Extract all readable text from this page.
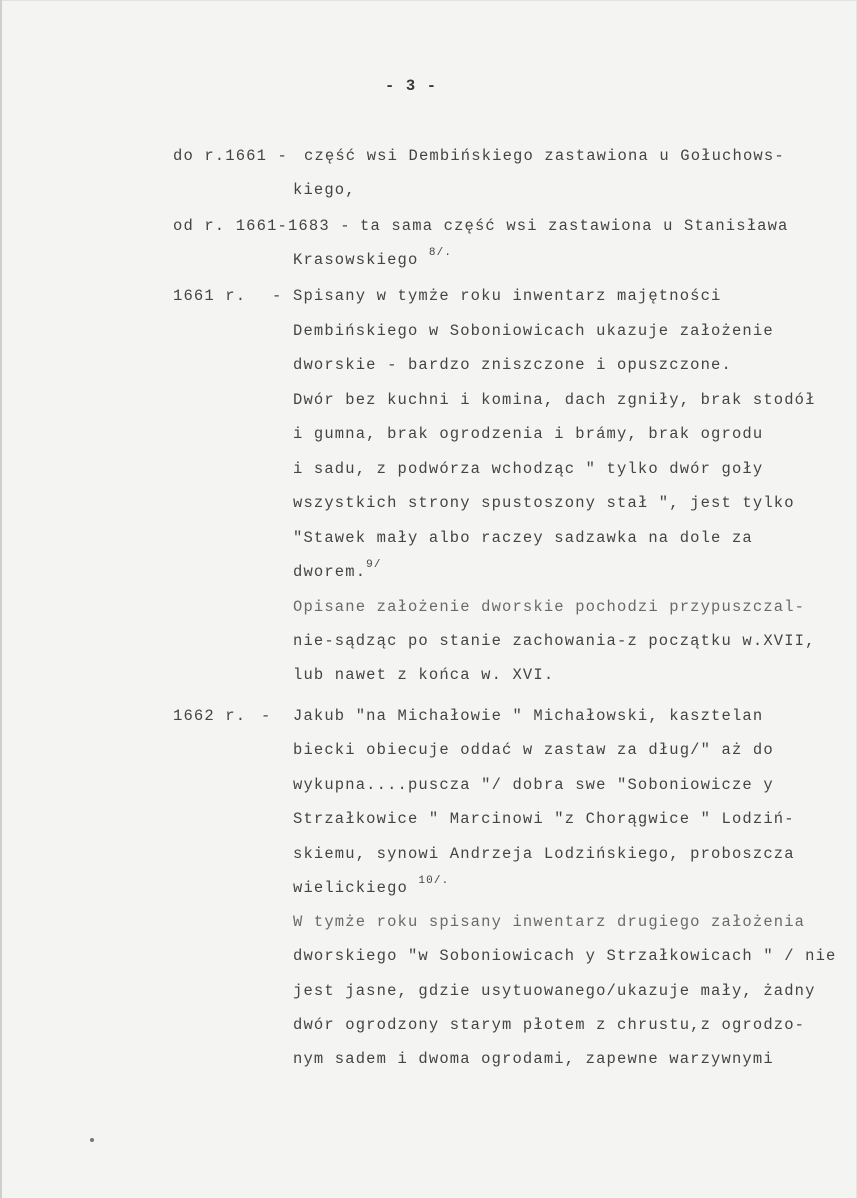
- 3 -
do r.1661 - część wsi Dembińskiego zastawiona u Gołuchows-
kiego,
od r. 1661-1683 - ta sama część wsi zastawiona u Stanisława
Krasowskiego $^{8/.}$
1661 r. - Spisany w tymże roku inwentarz majętności
Dembińskiego w Soboniowicach ukazuje założenie
dworskie - bardzo zniszczone i opuszczone.
Dwór bez kuchni i komina, dach zgniły, brak stodół
i gumna, brak ogrodzenia i brámy, brak ogrodu
i sadu, z podwórza wchodząc " tylko dwór goły
wszystkich strony spustoszony stał ", jest tylko
"Stawek mały albo raczey sadzawka na dole za
dworem.$^{9/}$
Opisane założenie dworskie pochodzi przypuszczal-
nie-sądząc po stanie zachowania-z początku w.XVII,
lub nawet z końca w. XVI.
1662 r. - Jakub "na Michałowie " Michałowski, kasztelan
biecki obiecuje oddać w zastaw za dług/" aż do
wykupna....puscza "/ dobra swe "Soboniowicze y
Strzałkowice " Marcinowi "z Chorągwice " Lodziń-
skiemu, synowi Andrzeja Lodzińskiego, proboszcza
wielickiego $^{10/.}$
W tymże roku spisany inwentarz drugiego założenia
dworskiego "w Soboniowicach y Strzałkowicach " / nie
jest jasne, gdzie usytuowanego/ukazuje mały, żadny
dwór ogrodzony starym płotem z chrustu,z ogrodzo-
nym sadem i dwoma ogrodami, zapewne warzywnymi
